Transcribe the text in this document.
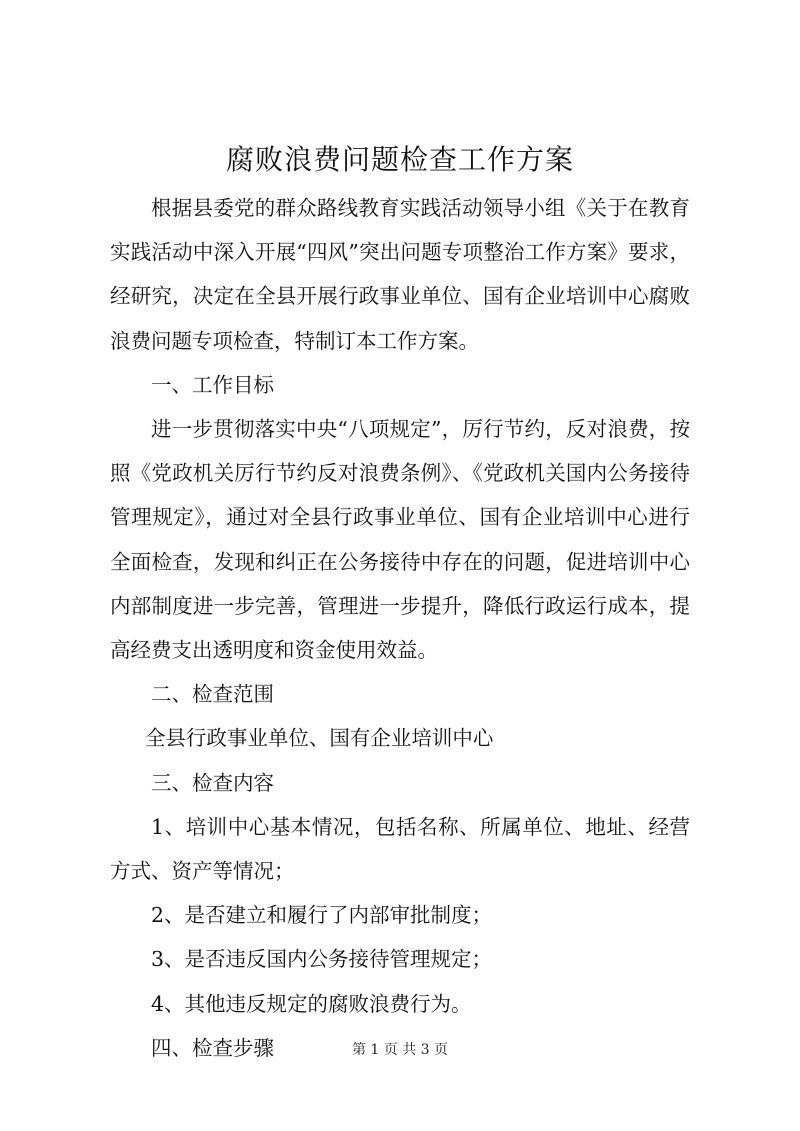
腐败浪费问题检查工作方案

根据县委党的群众路线教育实践活动领导小组《关于在教育实践活动中深入开展“四风”突出问题专项整治工作方案》要求，经研究，决定在全县开展行政事业单位、国有企业培训中心腐败浪费问题专项检查，特制订本工作方案。

一、工作目标

进一步贯彻落实中央“八项规定”，厉行节约，反对浪费，按照《党政机关厉行节约反对浪费条例》、《党政机关国内公务接待管理规定》，通过对全县行政事业单位、国有企业培训中心进行全面检查，发现和纠正在公务接待中存在的问题，促进培训中心内部制度进一步完善，管理进一步提升，降低行政运行成本，提高经费支出透明度和资金使用效益。

二、检查范围

全县行政事业单位、国有企业培训中心

三、检查内容

1、培训中心基本情况，包括名称、所属单位、地址、经营方式、资产等情况；

2、是否建立和履行了内部审批制度；

3、是否违反国内公务接待管理规定；

4、其他违反规定的腐败浪费行为。

四、检查步骤	第 1 页 共 3 页
